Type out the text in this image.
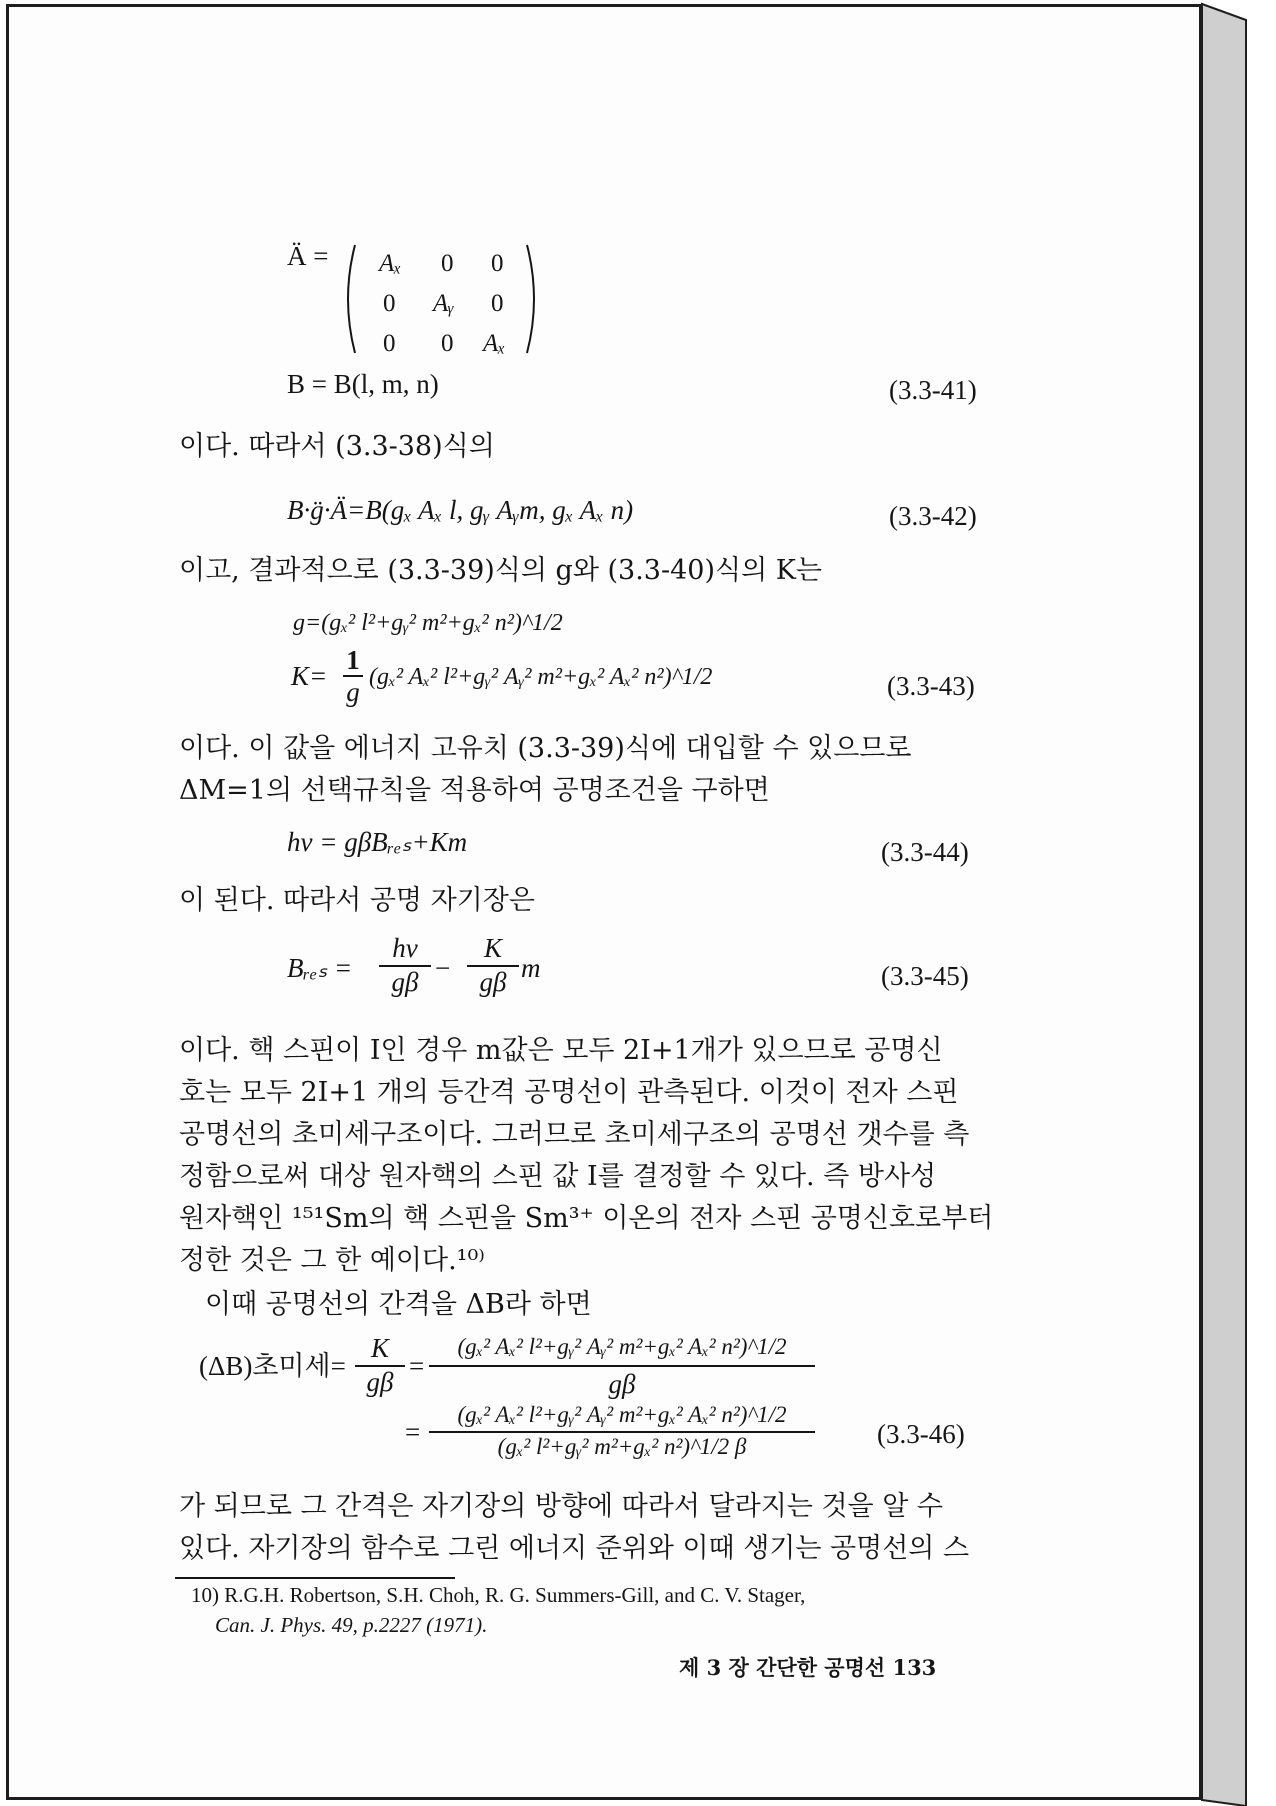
Ä = Aₓ 0 0
0 Aᵧ 0
0 0 Aₓ
B = B(l, m, n)	(3.3-41)
이다. 따라서 (3.3-38)식의
B·g̈·Ä=B(gₓ Aₓ l, gᵧ Aᵧm, gₓ Aₓ n)	(3.3-42)
이고, 결과적으로 (3.3-39)식의 g와 (3.3-40)식의 K는
g=(gₓ² l²+gᵧ² m²+gₓ² n²)^1/2
K=
1
g (gₓ² Aₓ² l²+gᵧ² Aᵧ² m²+gₓ² Aₓ² n²)^1/2	(3.3-43)
이다. 이 값을 에너지 고유치 (3.3-39)식에 대입할 수 있으므로
ΔM=1의 선택규칙을 적용하여 공명조건을 구하면
hν = gβBᵣₑₛ+Km	(3.3-44)
이 된다. 따라서 공명 자기장은
Bᵣₑₛ =
hν
gβ −
K
gβ m	(3.3-45)
이다. 핵 스핀이 I인 경우 m값은 모두 2I+1개가 있으므로 공명신
호는 모두 2I+1 개의 등간격 공명선이 관측된다. 이것이 전자 스핀
공명선의 초미세구조이다. 그러므로 초미세구조의 공명선 갯수를 측
정함으로써 대상 원자핵의 스핀 값 I를 결정할 수 있다. 즉 방사성
원자핵인 ¹⁵¹Sm의 핵 스핀을 Sm³⁺ 이온의 전자 스핀 공명신호로부터
정한 것은 그 한 예이다.¹⁰⁾
이때 공명선의 간격을 ΔB라 하면
(ΔB)초미세=
K
gβ
=
(gₓ² Aₓ² l²+gᵧ² Aᵧ² m²+gₓ² Aₓ² n²)^1/2
gβ
=
(gₓ² Aₓ² l²+gᵧ² Aᵧ² m²+gₓ² Aₓ² n²)^1/2
(gₓ² l²+gᵧ² m²+gₓ² n²)^1/2 β	(3.3-46)
가 되므로 그 간격은 자기장의 방향에 따라서 달라지는 것을 알 수
있다. 자기장의 함수로 그린 에너지 준위와 이때 생기는 공명선의 스
10) R.G.H. Robertson, S.H. Choh, R. G. Summers-Gill, and C. V. Stager,
Can. J. Phys. 49, p.2227 (1971).
제 3 장 간단한 공명선 133
